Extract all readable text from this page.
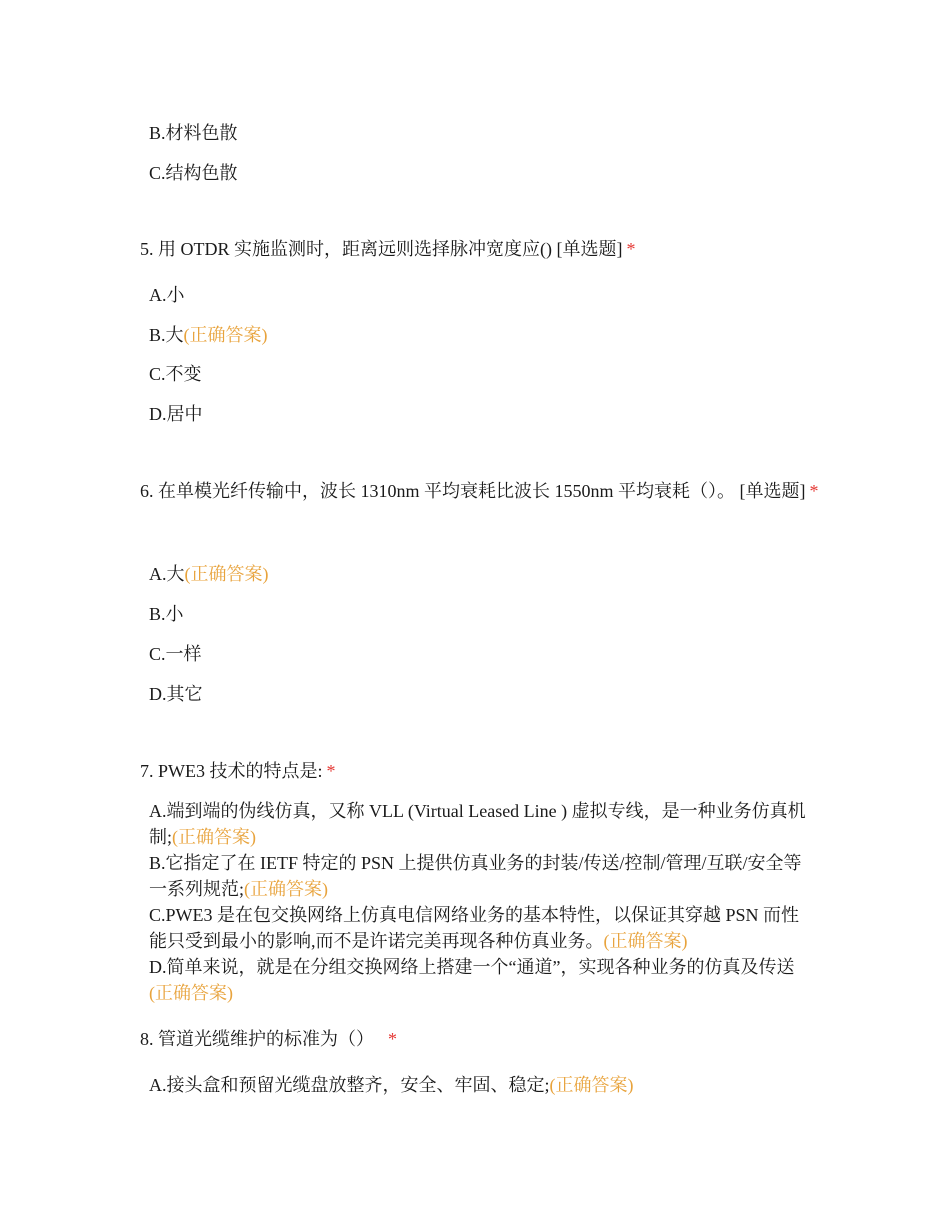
B.材料色散
C.结构色散
5. 用 OTDR 实施监测时，距离远则选择脉冲宽度应() [单选题] *
A.小
B.大(正确答案)
C.不变
D.居中
6. 在单模光纤传输中，波长 1310nm 平均衰耗比波长 1550nm 平均衰耗（）。 [单选题] *
A.大(正确答案)
B.小
C.一样
D.其它
7. PWE3 技术的特点是: *
A.端到端的伪线仿真，又称 VLL (Virtual Leased Line ) 虚拟专线，是一种业务仿真机制;(正确答案)
B.它指定了在 IETF 特定的 PSN 上提供仿真业务的封装/传送/控制/管理/互联/安全等一系列规范;(正确答案)
C.PWE3 是在包交换网络上仿真电信网络业务的基本特性，以保证其穿越 PSN 而性能只受到最小的影响,而不是许诺完美再现各种仿真业务。(正确答案)
D.简单来说，就是在分组交换网络上搭建一个“通道”，实现各种业务的仿真及传送(正确答案)
8. 管道光缆维护的标准为（） *
A.接头盒和预留光缆盘放整齐，安全、牢固、稳定;(正确答案)
